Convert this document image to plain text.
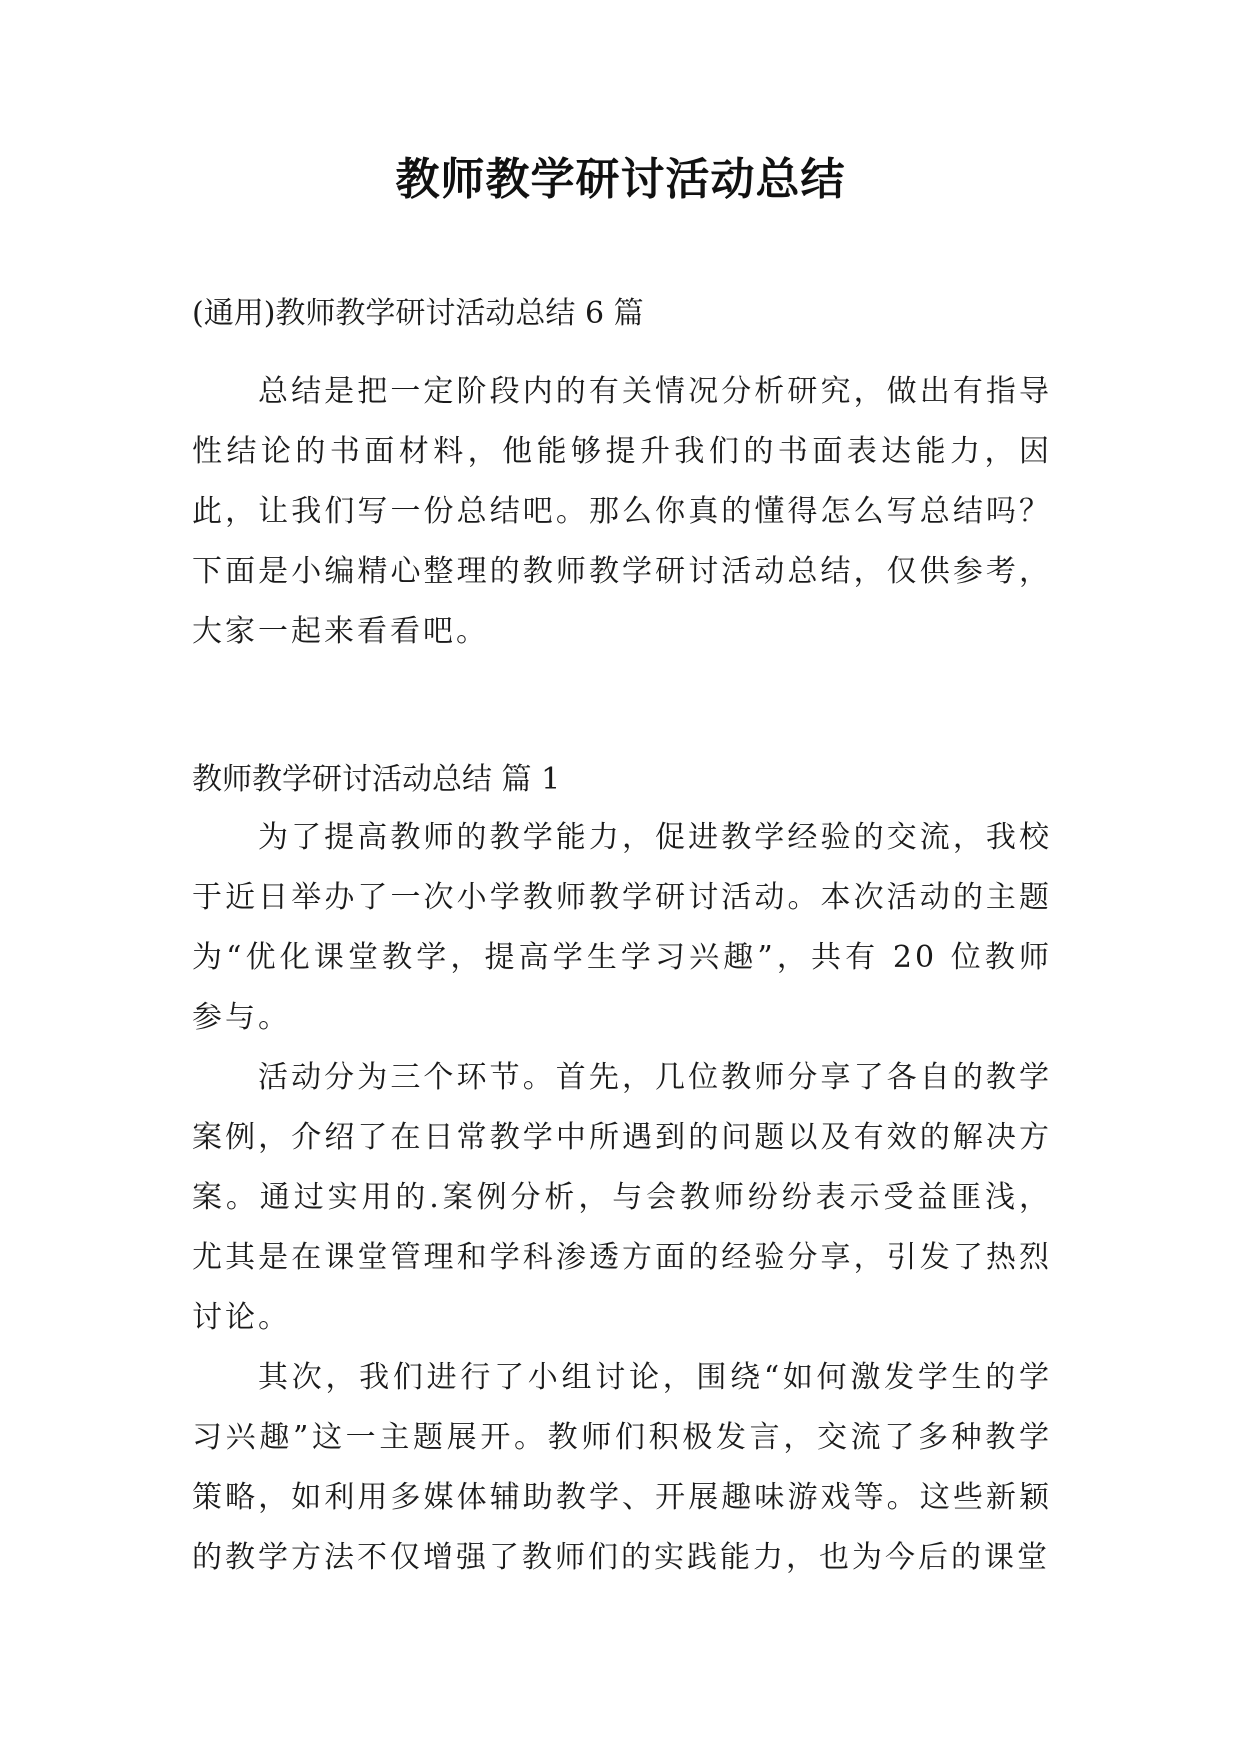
教师教学研讨活动总结

(通用)教师教学研讨活动总结 6 篇

总结是把一定阶段内的有关情况分析研究，做出有指导性结论的书面材料，他能够提升我们的书面表达能力，因此，让我们写一份总结吧。那么你真的懂得怎么写总结吗？下面是小编精心整理的教师教学研讨活动总结，仅供参考，大家一起来看看吧。

教师教学研讨活动总结 篇 1

为了提高教师的教学能力，促进教学经验的交流，我校于近日举办了一次小学教师教学研讨活动。本次活动的主题为“优化课堂教学，提高学生学习兴趣”，共有 20 位教师参与。

活动分为三个环节。首先，几位教师分享了各自的教学案例，介绍了在日常教学中所遇到的问题以及有效的解决方案。通过实用的.案例分析，与会教师纷纷表示受益匪浅，尤其是在课堂管理和学科渗透方面的经验分享，引发了热烈讨论。

其次，我们进行了小组讨论，围绕“如何激发学生的学习兴趣”这一主题展开。教师们积极发言，交流了多种教学策略，如利用多媒体辅助教学、开展趣味游戏等。这些新颖的教学方法不仅增强了教师们的实践能力，也为今后的课堂
